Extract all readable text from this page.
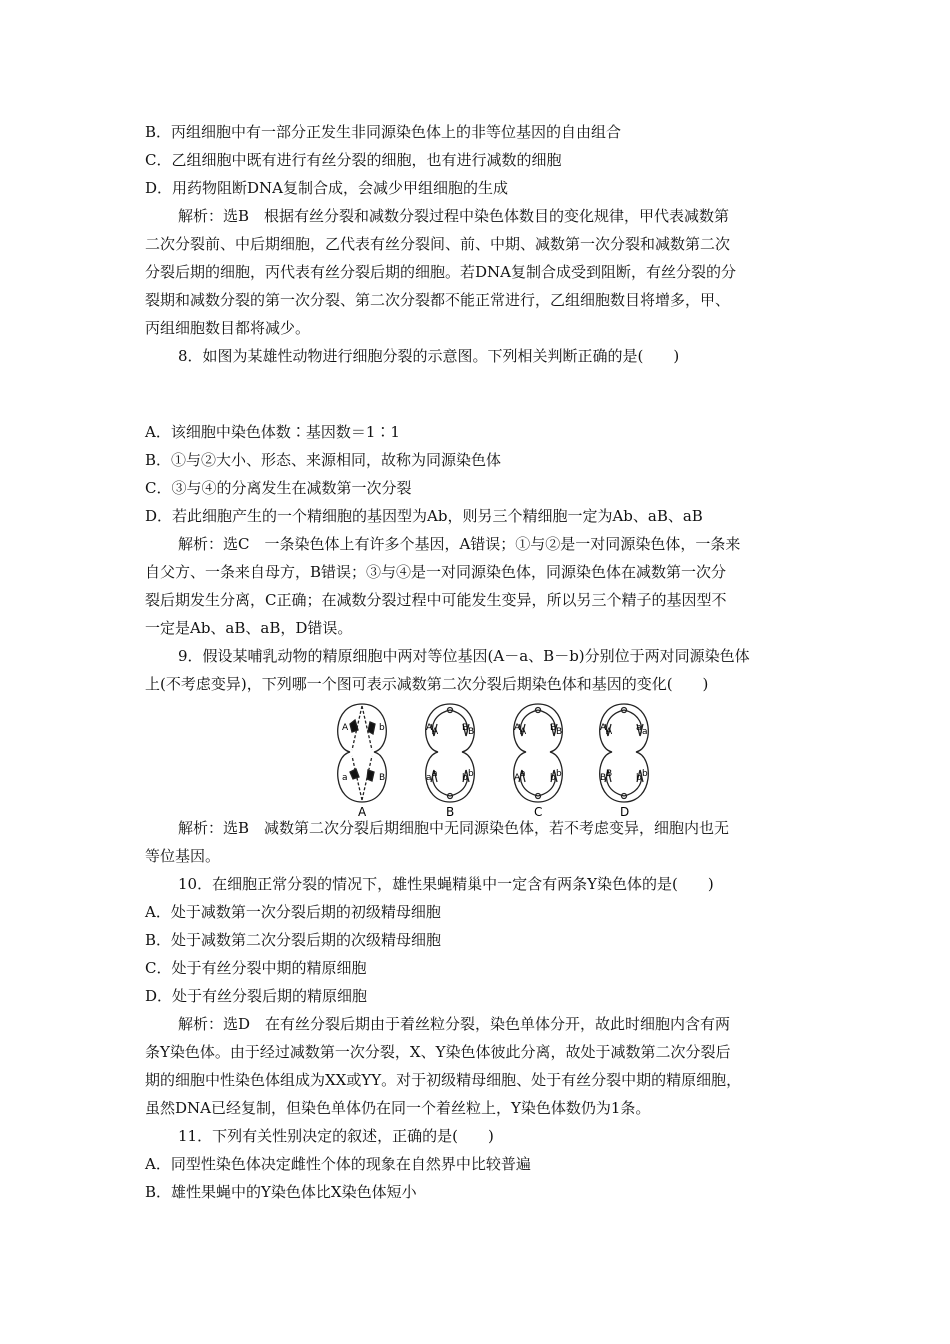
B．丙组细胞中有一部分正发生非同源染色体上的非等位基因的自由组合
C．乙组细胞中既有进行有丝分裂的细胞，也有进行减数的细胞
D．用药物阻断DNA复制合成，会减少甲组细胞的生成
解析：选B　根据有丝分裂和减数分裂过程中染色体数目的变化规律，甲代表减数第
二次分裂前、中后期细胞，乙代表有丝分裂间、前、中期、减数第一次分裂和减数第二次
分裂后期的细胞，丙代表有丝分裂后期的细胞。若DNA复制合成受到阻断，有丝分裂的分
裂期和减数分裂的第一次分裂、第二次分裂都不能正常进行，乙组细胞数目将增多，甲、
丙组细胞数目都将减少。
8．如图为某雄性动物进行细胞分裂的示意图。下列相关判断正确的是(　　)
A．该细胞中染色体数∶基因数＝1∶1
B．①与②大小、形态、来源相同，故称为同源染色体
C．③与④的分离发生在减数第一次分裂
D．若此细胞产生的一个精细胞的基因型为Ab，则另三个精细胞一定为Ab、aB、aB
解析：选C　一条染色体上有许多个基因，A错误；①与②是一对同源染色体，一条来
自父方、一条来自母方，B错误；③与④是一对同源染色体，同源染色体在减数第一次分
裂后期发生分离，C正确；在减数分裂过程中可能发生变异，所以另三个精子的基因型不
一定是Ab、aB、aB，D错误。
9．假设某哺乳动物的精原细胞中两对等位基因(A－a、B－b)分别位于两对同源染色体
上(不考虑变异)，下列哪一个图可表示减数第二次分裂后期染色体和基因的变化(　　)
A	b
a	B
A
A A	B B
a a	b b
B
A A	B B
A a	b b
C
A A	a a
B B	b b
D
解析：选B　减数第二次分裂后期细胞中无同源染色体，若不考虑变异，细胞内也无
等位基因。
10．在细胞正常分裂的情况下，雄性果蝇精巢中一定含有两条Y染色体的是(　　)
A．处于减数第一次分裂后期的初级精母细胞
B．处于减数第二次分裂后期的次级精母细胞
C．处于有丝分裂中期的精原细胞
D．处于有丝分裂后期的精原细胞
解析：选D　在有丝分裂后期由于着丝粒分裂，染色单体分开，故此时细胞内含有两
条Y染色体。由于经过减数第一次分裂，X、Y染色体彼此分离，故处于减数第二次分裂后
期的细胞中性染色体组成为XX或YY。对于初级精母细胞、处于有丝分裂中期的精原细胞，
虽然DNA已经复制，但染色单体仍在同一个着丝粒上，Y染色体数仍为1条。
11．下列有关性别决定的叙述，正确的是(　　)
A．同型性染色体决定雌性个体的现象在自然界中比较普遍
B．雄性果蝇中的Y染色体比X染色体短小
